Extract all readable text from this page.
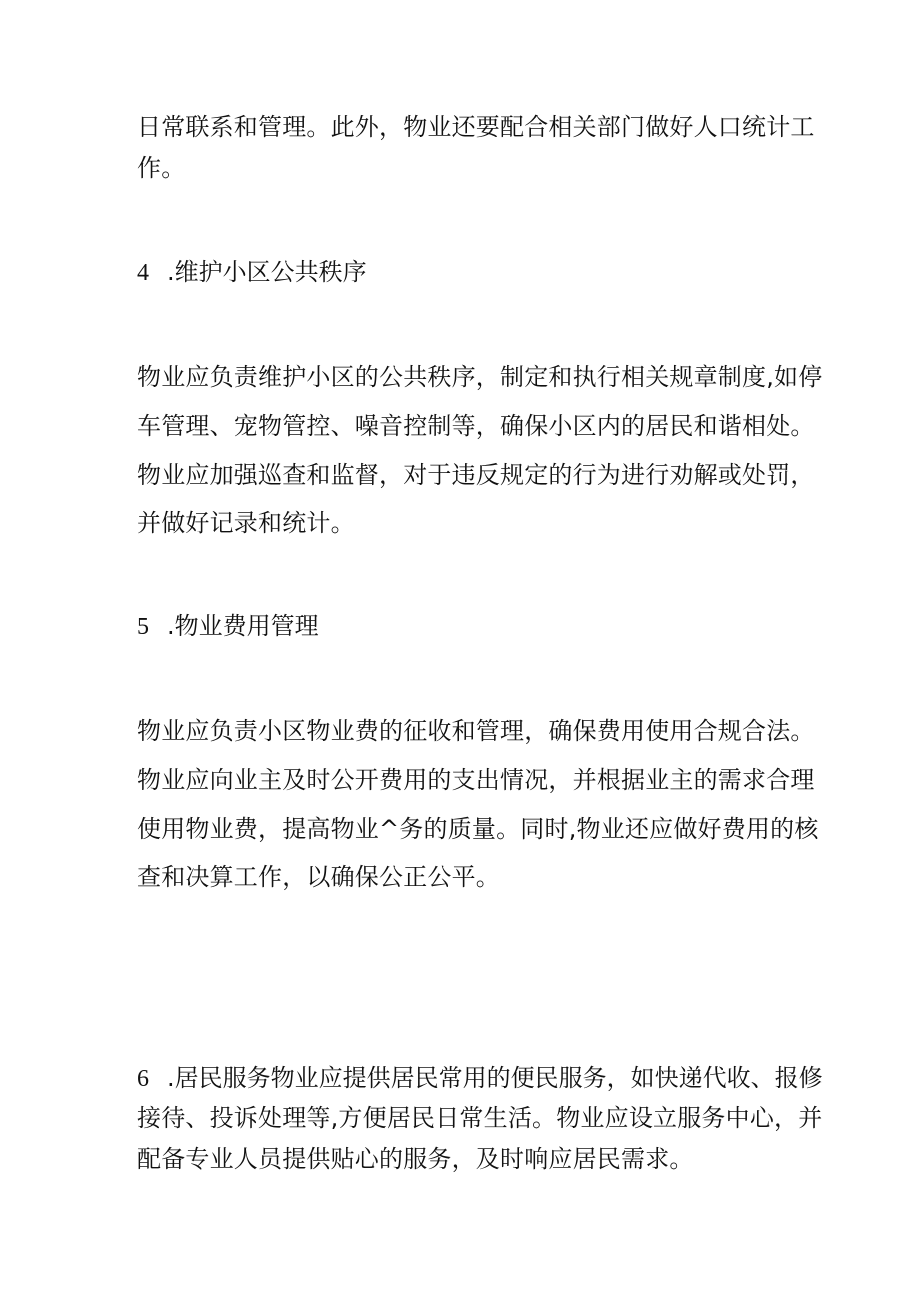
日常联系和管理。此外，物业还要配合相关部门做好人口统计工

作。

4 .维护小区公共秩序

物业应负责维护小区的公共秩序，制定和执行相关规章制度,如停

车管理、宠物管控、噪音控制等，确保小区内的居民和谐相处。

物业应加强巡查和监督，对于违反规定的行为进行劝解或处罚，

并做好记录和统计。

5 .物业费用管理

物业应负责小区物业费的征收和管理，确保费用使用合规合法。

物业应向业主及时公开费用的支出情况，并根据业主的需求合理

使用物业费，提高物业^务的质量。同时,物业还应做好费用的核

查和决算工作，以确保公正公平。

6 .居民服务物业应提供居民常用的便民服务，如快递代收、报修

接待、投诉处理等,方便居民日常生活。物业应设立服务中心，并

配备专业人员提供贴心的服务，及时响应居民需求。
